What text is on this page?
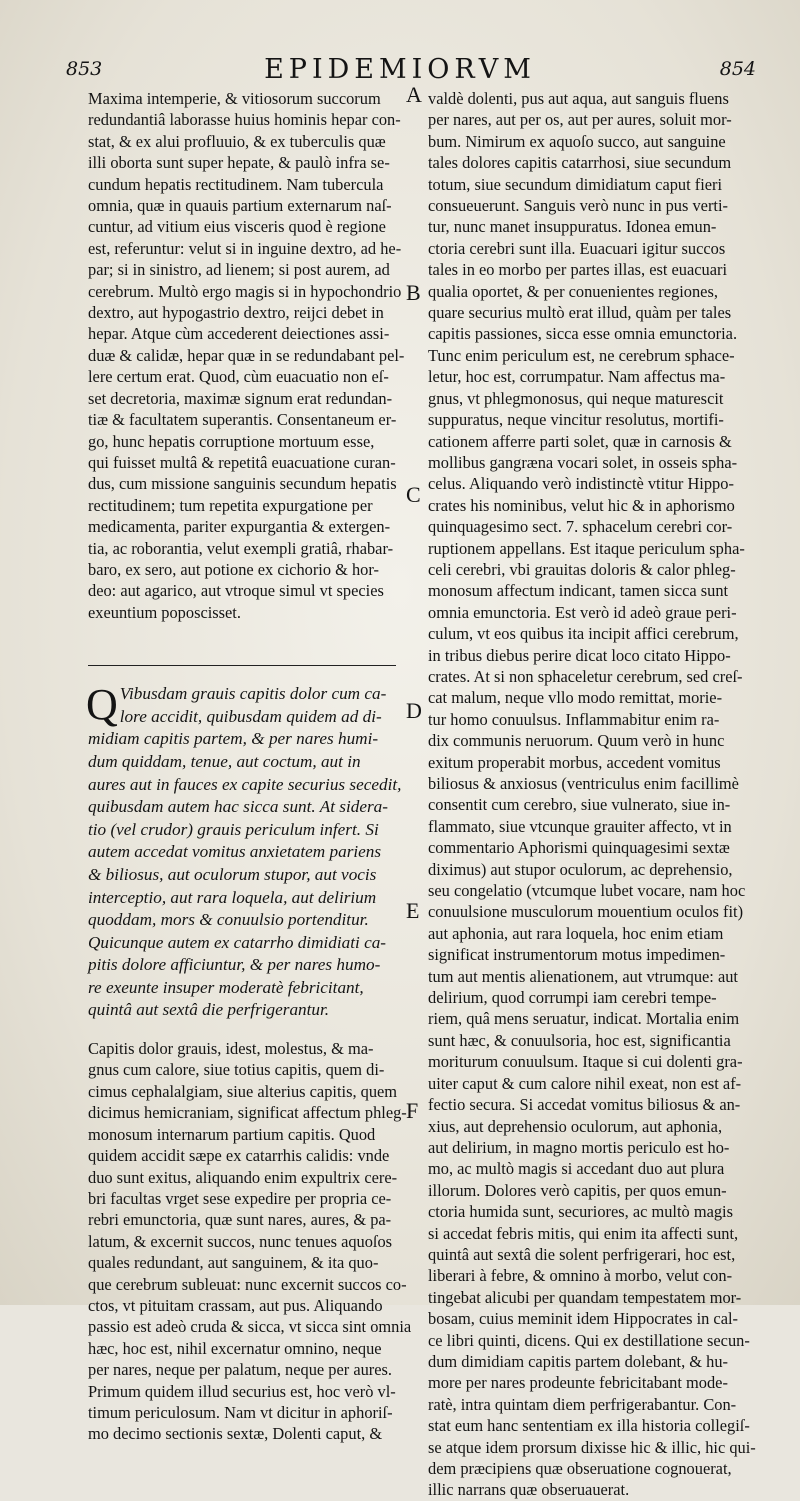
853	EPIDEMIORVM	854
A
B
C
D
E
F
Maxima intemperie, & vitiosorum succorum
redundantiâ laborasse huius hominis hepar con-
stat, & ex alui profluuio, & ex tuberculis quæ
illi oborta sunt super hepate, & paulò infra se-
cundum hepatis rectitudinem. Nam tubercula
omnia, quæ in quauis partium externarum naſ-
cuntur, ad vitium eius visceris quod è regione
est, referuntur: velut si in inguine dextro, ad he-
par; si in sinistro, ad lienem; si post aurem, ad
cerebrum. Multò ergo magis si in hypochondrio
dextro, aut hypogastrio dextro, reijci debet in
hepar. Atque cùm accederent deiectiones assi-
duæ & calidæ, hepar quæ in se redundabant pel-
lere certum erat. Quod, cùm euacuatio non eſ-
set decretoria, maximæ signum erat redundan-
tiæ & facultatem superantis. Consentaneum er-
go, hunc hepatis corruptione mortuum esse,
qui fuisset multâ & repetitâ euacuatione curan-
dus, cum missione sanguinis secundum hepatis
rectitudinem; tum repetita expurgatione per
medicamenta, pariter expurgantia & extergen-
tia, ac roborantia, velut exempli gratiâ, rhabar-
baro, ex sero, aut potione ex cichorio & hor-
deo: aut agarico, aut vtroque simul vt species
exeuntium poposcisset.
Q Vibusdam grauis capitis dolor cum ca-
lore accidit, quibusdam quidem ad di-
midiam capitis partem, & per nares humi-
dum quiddam, tenue, aut coctum, aut in
aures aut in fauces ex capite securius secedit,
quibusdam autem hac sicca sunt. At siderа-
tio (vel crudor) grauis periculum infert. Si
autem accedat vomitus anxietatem pariens
& biliosus, aut oculorum stupor, aut vocis
interceptio, aut rara loquela, aut delirium
quoddam, mors & conuulsio portenditur.
Quicunque autem ex catarrho dimidiati ca-
pitis dolore afficiuntur, & per nares humo-
re exeunte insuper moderatè febricitant,
quintâ aut sextâ die perfrigerantur.
Capitis dolor grauis, idest, molestus, & ma-
gnus cum calore, siue totius capitis, quem di-
cimus cephalalgiam, siue alterius capitis, quem
dicimus hemicraniam, significat affectum phleg-
monosum internarum partium capitis. Quod
quidem accidit sæpe ex catarrhis calidis: vnde
duo sunt exitus, aliquando enim expultrix cere-
bri facultas vrget sese expedire per propria ce-
rebri emunctoria, quæ sunt nares, aures, & pa-
latum, & excernit succos, nunc tenues aquoſos
quales redundant, aut sanguinem, & ita quo-
que cerebrum subleuat: nunc excernit succos co-
ctos, vt pituitam crassam, aut pus. Aliquando
passio est adeò cruda & sicca, vt sicca sint omnia
hæc, hoc est, nihil excernatur omnino, neque
per nares, neque per palatum, neque per aures.
Primum quidem illud securius est, hoc verò vl-
timum periculosum. Nam vt dicitur in aphoriſ-
mo decimo sectionis sextæ, Dolenti caput, &
valdè dolenti, pus aut aqua, aut sanguis fluens
per nares, aut per os, aut per aures, soluit mor-
bum. Nimirum ex aquoſo succo, aut sanguine
tales dolores capitis catarrhosi, siue secundum
totum, siue secundum dimidiatum caput fieri
consueuerunt. Sanguis verò nunc in pus verti-
tur, nunc manet insuppuratus. Idonea emun-
ctoria cerebri sunt illa. Euacuari igitur succos
tales in eo morbo per partes illas, est euacuari
qualia oportet, & per conuenientes regiones,
quare securius multò erat illud, quàm per tales
capitis passiones, sicca esse omnia emunctoria.
Tunc enim periculum est, ne cerebrum sphace-
letur, hoc est, corrumpatur. Nam affectus ma-
gnus, vt phlegmonosus, qui neque maturescit
suppuratus, neque vincitur resolutus, mortifi-
cationem afferre parti solet, quæ in carnosis &
mollibus gangræna vocari solet, in osseis spha-
celus. Aliquando verò indistinctè vtitur Hippo-
crates his nominibus, velut hic & in aphorismo
quinquagesimo sect. 7. sphacelum cerebri cor-
ruptionem appellans. Est itaque periculum spha-
celi cerebri, vbi grauitas doloris & calor phleg-
monosum affectum indicant, tamen sicca sunt
omnia emunctoria. Est verò id adeò graue peri-
culum, vt eos quibus ita incipit affici cerebrum,
in tribus diebus perire dicat loco citato Hippo-
crates. At si non sphaceletur cerebrum, sed creſ-
cat malum, neque vllo modo remittat, morie-
tur homo conuulsus. Inflammabitur enim ra-
dix communis neruorum. Quum verò in hunc
exitum properabit morbus, accedent vomitus
biliosus & anxiosus (ventriculus enim facillimè
consentit cum cerebro, siue vulnerato, siue in-
flammato, siue vtcunque grauiter affecto, vt in
commentario Aphorismi quinquagesimi sextæ
diximus) aut stupor oculorum, ac deprehensio,
seu congelatio (vtcumque lubet vocare, nam hoc
conuulsione musculorum mouentium oculos fit)
aut aphonia, aut rara loquela, hoc enim etiam
significat instrumentorum motus impedimen-
tum aut mentis alienationem, aut vtrumque: aut
delirium, quod corrumpi iam cerebri tempe-
riem, quâ mens seruatur, indicat. Mortalia enim
sunt hæc, & conuulsoria, hoc est, significantia
moriturum conuulsum. Itaque si cui dolenti gra-
uiter caput & cum calore nihil exeat, non est af-
fectio secura. Si accedat vomitus biliosus & an-
xius, aut deprehensio oculorum, aut aphonia,
aut delirium, in magno mortis periculo est ho-
mo, ac multò magis si accedant duo aut plura
illorum. Dolores verò capitis, per quos emun-
ctoria humida sunt, securiores, ac multò magis
si accedat febris mitis, qui enim ita affecti sunt,
quintâ aut sextâ die solent perfrigerari, hoc est,
liberari à febre, & omnino à morbo, velut con-
tingebat alicubi per quandam tempestatem mor-
bosam, cuius meminit idem Hippocrates in cal-
ce libri quinti, dicens. Qui ex destillatione secun-
dum dimidiam capitis partem dolebant, & hu-
more per nares prodeunte febricitabant mode-
ratè, intra quintam diem perfrigerabantur. Con-
stat eum hanc sententiam ex illa historia collegiſ-
se atque idem prorsum dixisse hic & illic, hic qui-
dem præcipiens quæ obseruatione cognouerat,
illic narrans quæ obseruauerat.
